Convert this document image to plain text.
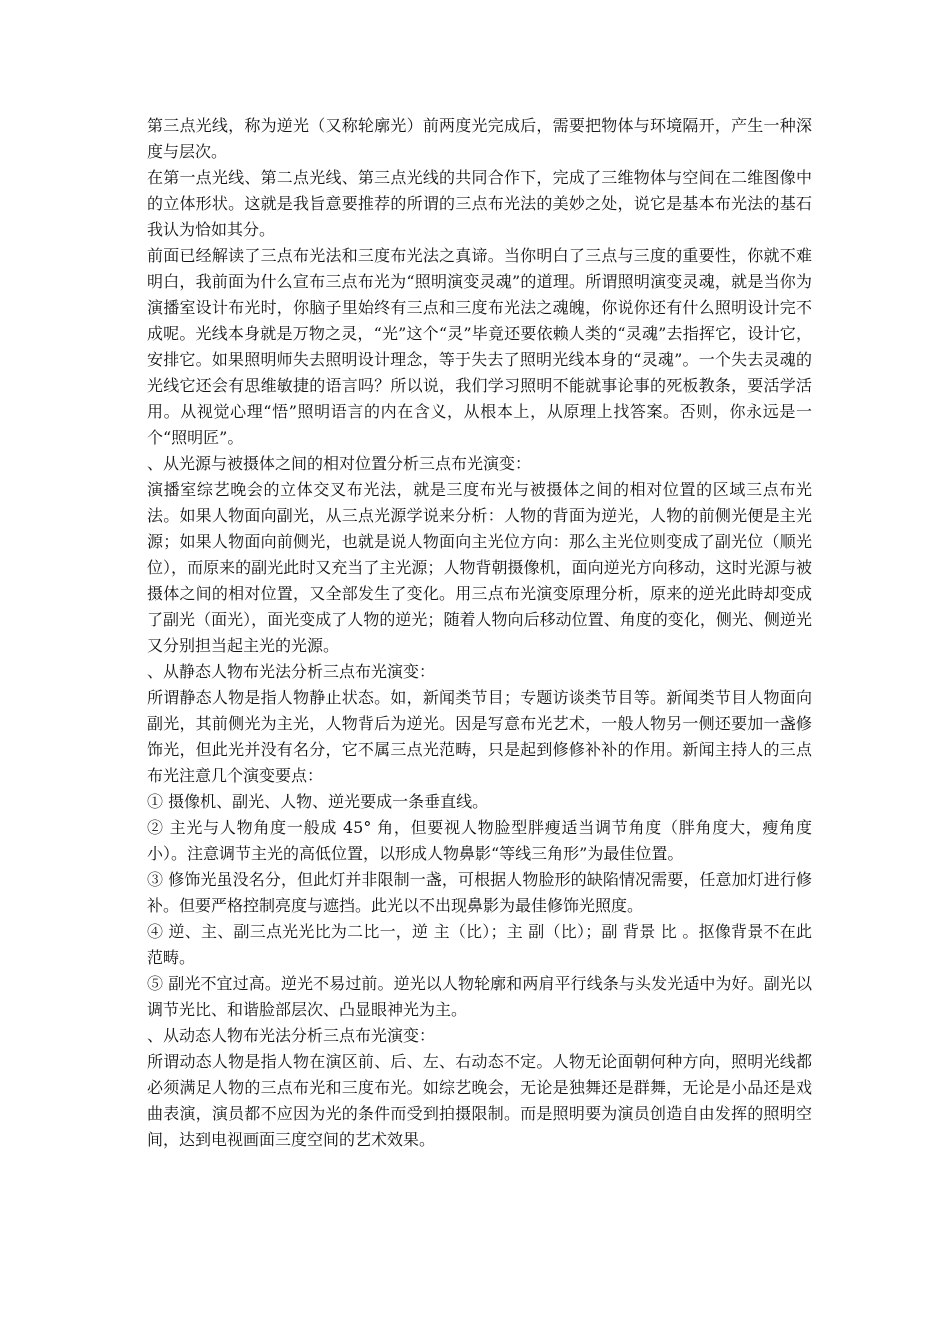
第三点光线，称为逆光（又称轮廓光）前两度光完成后，需要把物体与环境隔开，产生一种深度与层次。

在第一点光线、第二点光线、第三点光线的共同合作下，完成了三维物体与空间在二维图像中的立体形状。这就是我旨意要推荐的所谓的三点布光法的美妙之处，说它是基本布光法的基石我认为恰如其分。

前面已经解读了三点布光法和三度布光法之真谛。当你明白了三点与三度的重要性，你就不难明白，我前面为什么宣布三点布光为“照明演变灵魂”的道理。所谓照明演变灵魂，就是当你为演播室设计布光时，你脑子里始终有三点和三度布光法之魂魄，你说你还有什么照明设计完不成呢。光线本身就是万物之灵，“光”这个“灵”毕竟还要依赖人类的“灵魂”去指挥它，设计它，安排它。如果照明师失去照明设计理念，等于失去了照明光线本身的“灵魂”。一个失去灵魂的光线它还会有思维敏捷的语言吗？所以说，我们学习照明不能就事论事的死板教条，要活学活用。从视觉心理“悟”照明语言的内在含义，从根本上，从原理上找答案。否则，你永远是一个“照明匠”。

、从光源与被摄体之间的相对位置分析三点布光演变：

演播室综艺晚会的立体交叉布光法，就是三度布光与被摄体之间的相对位置的区域三点布光法。如果人物面向副光，从三点光源学说来分析：人物的背面为逆光，人物的前侧光便是主光源；如果人物面向前侧光，也就是说人物面向主光位方向：那么主光位则变成了副光位（顺光位），而原来的副光此时又充当了主光源；人物背朝摄像机，面向逆光方向移动，这时光源与被摄体之间的相对位置，又全部发生了变化。用三点布光演变原理分析，原来的逆光此時却变成了副光（面光），面光变成了人物的逆光；随着人物向后移动位置、角度的变化，侧光、侧逆光又分别担当起主光的光源。

、从静态人物布光法分析三点布光演变：

所谓静态人物是指人物静止状态。如，新闻类节目；专题访谈类节目等。新闻类节目人物面向副光，其前侧光为主光，人物背后为逆光。因是写意布光艺术，一般人物另一侧还要加一盏修饰光，但此光并没有名分，它不属三点光范畴，只是起到修修补补的作用。新闻主持人的三点布光注意几个演变要点：

① 摄像机、副光、人物、逆光要成一条垂直线。

② 主光与人物角度一般成 45° 角，但要视人物脸型胖瘦适当调节角度（胖角度大，瘦角度小）。注意调节主光的高低位置，以形成人物鼻影“等线三角形”为最佳位置。

③ 修饰光虽没名分，但此灯并非限制一盏，可根据人物脸形的缺陷情况需要，任意加灯进行修补。但要严格控制亮度与遮挡。此光以不出现鼻影为最佳修饰光照度。

④ 逆、主、副三点光光比为二比一，逆 主（比）；主 副（比）；副 背景 比 。抠像背景不在此范畴。

⑤ 副光不宜过高。逆光不易过前。逆光以人物轮廓和两肩平行线条与头发光适中为好。副光以调节光比、和谐脸部层次、凸显眼神光为主。

、从动态人物布光法分析三点布光演变：

所谓动态人物是指人物在演区前、后、左、右动态不定。人物无论面朝何种方向，照明光线都必须满足人物的三点布光和三度布光。如综艺晚会，无论是独舞还是群舞，无论是小品还是戏曲表演，演员都不应因为光的条件而受到拍摄限制。而是照明要为演员创造自由发挥的照明空间，达到电视画面三度空间的艺术效果。
